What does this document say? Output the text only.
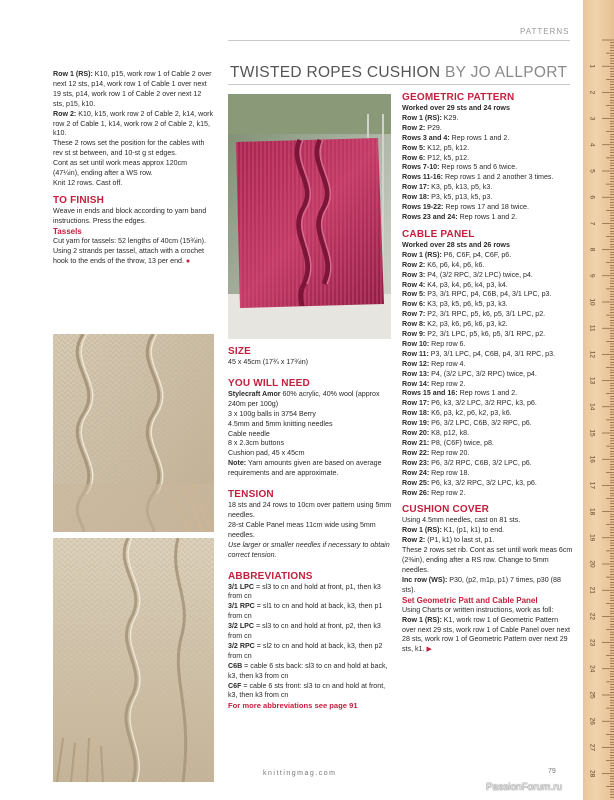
PATTERNS
TWISTED ROPES CUSHION BY JO ALLPORT

Row 1 (RS): K10, p15, work row 1 of Cable 2 over next 12 sts, p14, work row 1 of Cable 1 over next 19 sts, p14, work row 1 of Cable 2 over next 12 sts, p15, k10.

Row 2: K10, k15, work row 2 of Cable 2, k14, work row 2 of Cable 1, k14, work row 2 of Cable 2, k15, k10.

These 2 rows set the position for the cables with rev st st between, and 10-st g st edges.

Cont as set until work meas approx 120cm (47¼in), ending after a WS row.

Knit 12 rows. Cast off.

TO FINISH

Weave in ends and block according to yarn band instructions. Press the edges.

Tassels

Cut yarn for tassels: 52 lengths of 40cm (15¾in).

Using 2 strands per tassel, attach with a crochet hook to the ends of the throw, 13 per end. ●

SIZE

45 x 45cm (17¾ x 17¾in)

YOU WILL NEED

Stylecraft Amor 60% acrylic, 40% wool (approx 240m per 100g)

3 x 100g balls in 3754 Berry

4.5mm and 5mm knitting needles

Cable needle

8 x 2.3cm buttons

Cushion pad, 45 x 45cm

Note: Yarn amounts given are based on average requirements and are approximate.

TENSION

18 sts and 24 rows to 10cm over pattern using 5mm needles.

28-st Cable Panel meas 11cm wide using 5mm needles.

Use larger or smaller needles if necessary to obtain correct tension.

ABBREVIATIONS

3/1 LPC = sl3 to cn and hold at front, p1, then k3 from cn

3/1 RPC = sl1 to cn and hold at back, k3, then p1 from cn

3/2 LPC = sl3 to cn and hold at front, p2, then k3 from cn

3/2 RPC = sl2 to cn and hold at back, k3, then p2 from cn

C6B = cable 6 sts back: sl3 to cn and hold at back, k3, then k3 from cn

C6F = cable 6 sts front: sl3 to cn and hold at front, k3, then k3 from cn

For more abbreviations see page 91

GEOMETRIC PATTERN

Worked over 29 sts and 24 rows

Row 1 (RS): K29.

Row 2: P29.

Rows 3 and 4: Rep rows 1 and 2.

Row 5: K12, p5, k12.

Row 6: P12, k5, p12.

Rows 7-10: Rep rows 5 and 6 twice.

Rows 11-16: Rep rows 1 and 2 another 3 times.

Row 17: K3, p5, k13, p5, k3.

Row 18: P3, k5, p13, k5, p3.

Rows 19-22: Rep rows 17 and 18 twice.

Rows 23 and 24: Rep rows 1 and 2.

CABLE PANEL

Worked over 28 sts and 26 rows

Row 1 (RS): P6, C6F, p4, C6F, p6.

Row 2: K6, p6, k4, p6, k6.

Row 3: P4, (3/2 RPC, 3/2 LPC) twice, p4.

Row 4: K4, p3, k4, p6, k4, p3, k4.

Row 5: P3, 3/1 RPC, p4, C6B, p4, 3/1 LPC, p3.

Row 6: K3, p3, k5, p6, k5, p3, k3.

Row 7: P2, 3/1 RPC, p5, k6, p5, 3/1 LPC, p2.

Row 8: K2, p3, k6, p6, k6, p3, k2.

Row 9: P2, 3/1 LPC, p5, k6, p5, 3/1 RPC, p2.

Row 10: Rep row 6.

Row 11: P3, 3/1 LPC, p4, C6B, p4, 3/1 RPC, p3.

Row 12: Rep row 4.

Row 13: P4, (3/2 LPC, 3/2 RPC) twice, p4.

Row 14: Rep row 2.

Rows 15 and 16: Rep rows 1 and 2.

Row 17: P6, k3, 3/2 LPC, 3/2 RPC, k3, p6.

Row 18: K6, p3, k2, p6, k2, p3, k6.

Row 19: P6, 3/2 LPC, C6B, 3/2 RPC, p6.

Row 20: K8, p12, k8.

Row 21: P8, (C6F) twice, p8.

Row 22: Rep row 20.

Row 23: P6, 3/2 RPC, C6B, 3/2 LPC, p6.

Row 24: Rep row 18.

Row 25: P6, k3, 3/2 RPC, 3/2 LPC, k3, p6.

Row 26: Rep row 2.

CUSHION COVER

Using 4.5mm needles, cast on 81 sts.

Row 1 (RS): K1, (p1, k1) to end.

Row 2: (P1, k1) to last st, p1.

These 2 rows set rib. Cont as set until work meas 6cm (2⅜in), ending after a RS row. Change to 5mm needles.

Inc row (WS): P30, (p2, m1p, p1) 7 times, p30 (88 sts).

Set Geometric Patt and Cable Panel

Using Charts or written instructions, work as foll:

Row 1 (RS): K1, work row 1 of Geometric Pattern over next 29 sts, work row 1 of Cable Panel over next 28 sts, work row 1 of Geometric Pattern over next 29 sts, k1. ▶

knittingmag.com	79
PassionForum.ru
1
2
3
4
5
6
7
8
9
10
11
12
13
14
15
16
17
18
19
20
21
22
23
24
25
26
27
28
